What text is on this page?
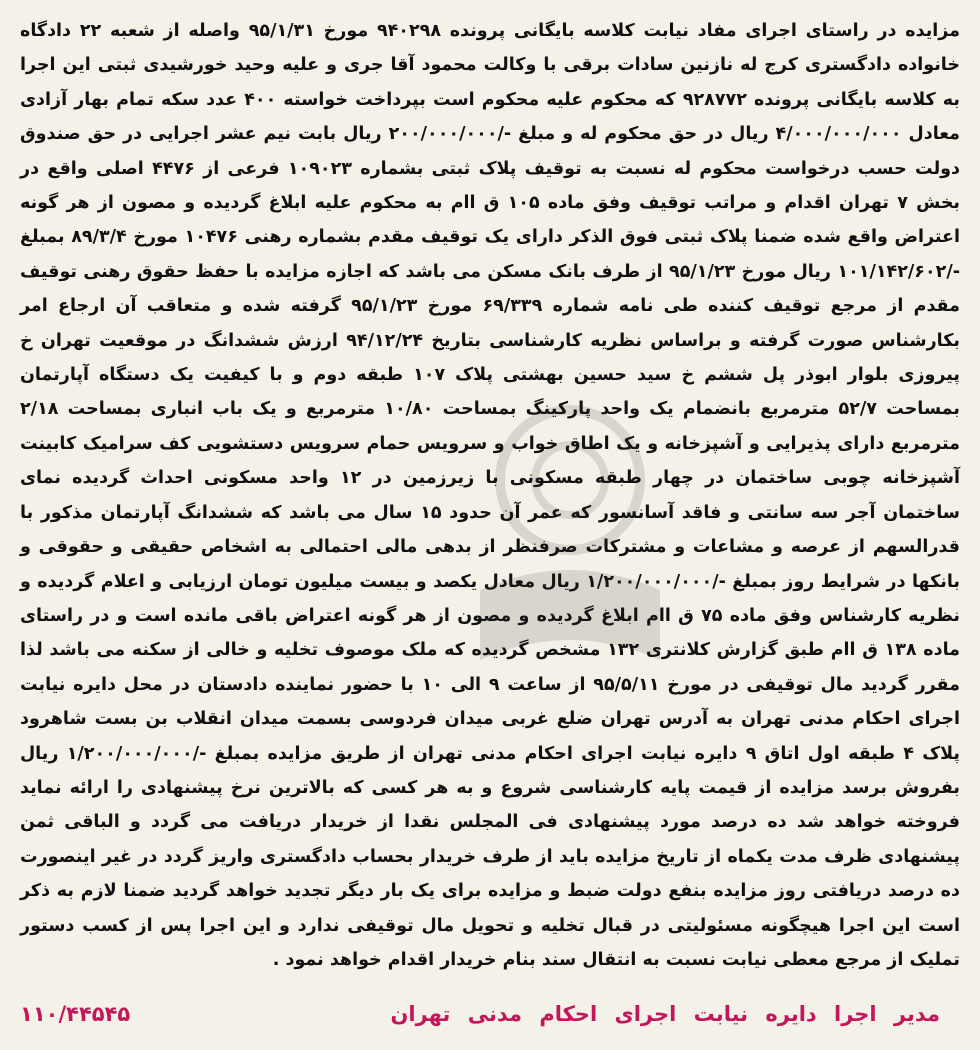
مزایده در راستای اجرای مفاد نیابت کلاسه بایگانی پرونده ۹۴۰۲۹۸ مورخ ۹۵/۱/۳۱ واصله از شعبه ۲۲ دادگاه خانواده دادگستری کرج له نازنین سادات برقی با وکالت محمود آقا جری و علیه وحید خورشیدی ثبتی این اجرا به کلاسه بایگانی پرونده ۹۲۸۷۷۲ که محکوم علیه محکوم است بپرداخت خواسته ۴۰۰ عدد سکه تمام بهار آزادی معادل ۴/۰۰۰/۰۰۰/۰۰۰ ریال در حق محکوم له و مبلغ -/۲۰۰/۰۰۰/۰۰۰ ریال بابت نیم عشر اجرایی در حق صندوق دولت حسب درخواست محکوم له نسبت به توقیف پلاک ثبتی بشماره ۱۰۹۰۲۳ فرعی از ۴۴۷۶ اصلی واقع در بخش ۷ تهران اقدام و مراتب توقیف وفق ماده ۱۰۵ ق اام به محکوم علیه ابلاغ گردیده و مصون از هر گونه اعتراض واقع شده ضمنا پلاک ثبتی فوق الذکر دارای یک توقیف مقدم بشماره رهنی ۱۰۴۷۶ مورخ ۸۹/۳/۴ بمبلغ -/۱۰۱/۱۴۲/۶۰۲ ریال مورخ ۹۵/۱/۲۳ از طرف بانک مسکن می باشد که اجازه مزایده با حفظ حقوق رهنی توقیف مقدم از مرجع توقیف کننده طی نامه شماره ۶۹/۳۳۹ مورخ ۹۵/۱/۲۳ گرفته شده و متعاقب آن ارجاع امر بکارشناس صورت گرفته و براساس نظریه کارشناسی بتاریخ ۹۴/۱۲/۲۴ ارزش ششدانگ در موقعیت تهران خ پیروزی بلوار ابوذر پل ششم خ سید حسین بهشتی پلاک ۱۰۷ طبقه دوم و با کیفیت یک دستگاه آپارتمان بمساحت ۵۲/۷ مترمربع بانضمام یک واحد پارکینگ بمساحت ۱۰/۸۰ مترمربع و یک باب انباری بمساحت ۲/۱۸ مترمربع دارای پذیرایی و آشپزخانه و یک اطاق خواب و سرویس حمام سرویس دستشویی کف سرامیک کابینت آشپزخانه چوبی ساختمان در چهار طبقه مسکونی با زیرزمین در ۱۲ واحد مسکونی احداث گردیده نمای ساختمان آجر سه سانتی و فاقد آسانسور که عمر آن حدود ۱۵ سال می باشد که ششدانگ آپارتمان مذکور با قدرالسهم از عرصه و مشاعات و مشترکات صرفنظر از بدهی مالی احتمالی به اشخاص حقیقی و حقوقی و بانکها در شرایط روز بمبلغ -/۱/۲۰۰/۰۰۰/۰۰۰ ریال معادل یکصد و بیست میلیون تومان ارزیابی و اعلام گردیده و نظریه کارشناس وفق ماده ۷۵ ق اام ابلاغ گردیده و مصون از هر گونه اعتراض باقی مانده است و در راستای ماده ۱۳۸ ق اام طبق گزارش کلانتری ۱۳۲ مشخص گردیده که ملک موصوف تخلیه و خالی از سکنه می باشد لذا مقرر گردید مال توقیفی در مورخ ۹۵/۵/۱۱ از ساعت ۹ الی ۱۰ با حضور نماینده دادستان در محل دایره نیابت اجرای احکام مدنی تهران به آدرس تهران ضلع غربی میدان فردوسی بسمت میدان انقلاب بن بست شاهرود پلاک ۴ طبقه اول اتاق ۹ دایره نیابت اجرای احکام مدنی تهران از طریق مزایده بمبلغ -/۱/۲۰۰/۰۰۰/۰۰۰ ریال بفروش برسد مزایده از قیمت پایه کارشناسی شروع و به هر کسی که بالاترین نرخ پیشنهادی را ارائه نماید فروخته خواهد شد ده درصد مورد پیشنهادی فی المجلس نقدا از خریدار دریافت می گردد و الباقی ثمن پیشنهادی ظرف مدت یکماه از تاریخ مزایده باید از طرف خریدار بحساب دادگستری واریز گردد در غیر اینصورت ده درصد دریافتی روز مزایده بنفع دولت ضبط و مزایده برای یک بار دیگر تجدید خواهد گردید ضمنا لازم به ذکر است این اجرا هیچگونه مسئولیتی در قبال تخلیه و تحویل مال توقیفی ندارد و این اجرا پس از کسب دستور تملیک از مرجع معطی نیابت نسبت به انتقال سند بنام خریدار اقدام خواهد نمود .

مدیر اجرا دایره نیابت اجرای احکام مدنی تهران
۱۱۰/۴۴۵۴۵
